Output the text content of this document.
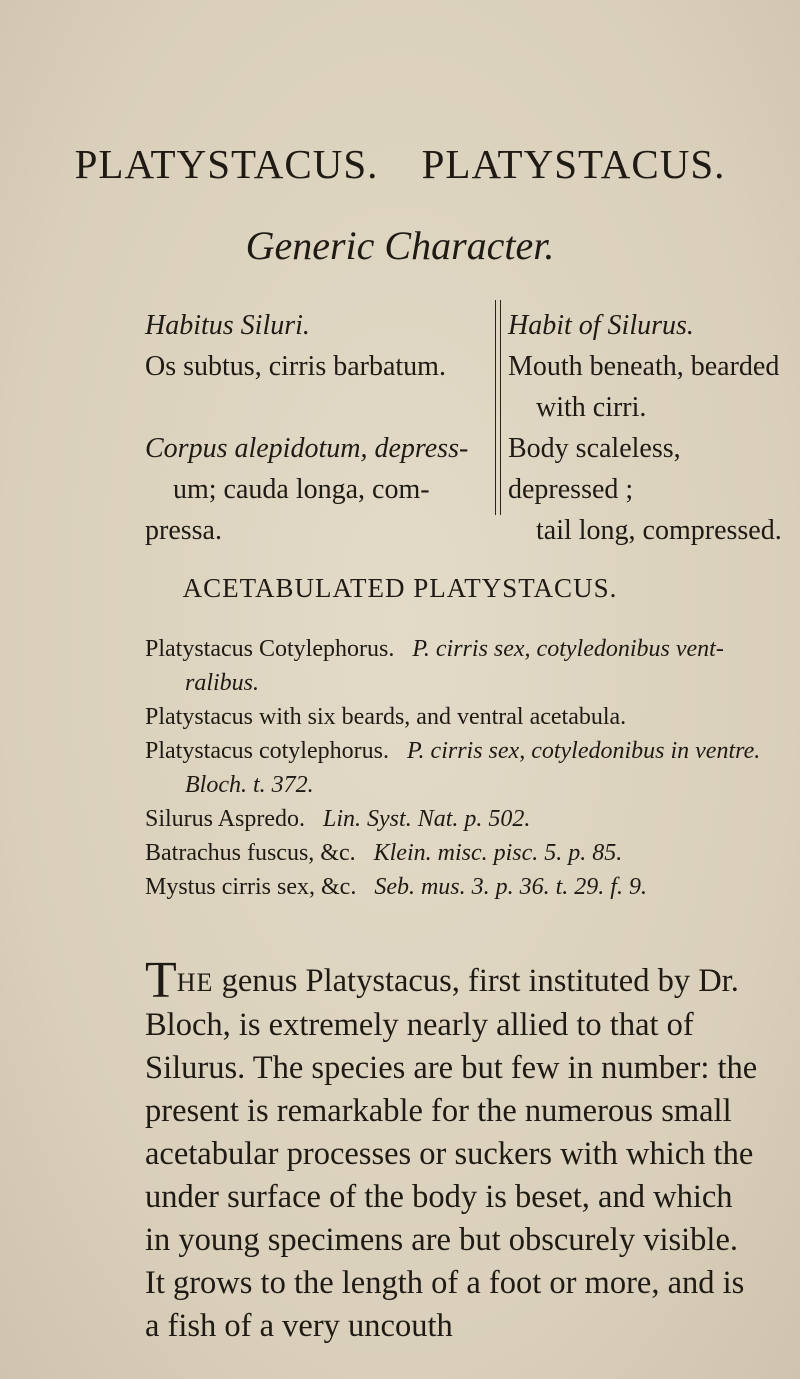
PLATYSTACUS. PLATYSTACUS.
Generic Character.

Habitus Siluri.

Os subtus, cirris barbatum.

Corpus alepidotum, depress-
um; cauda longa, com-
pressa.

Habit of Silurus.

Mouth beneath, bearded
with cirri.

Body scaleless, depressed ;
tail long, compressed.

ACETABULATED PLATYSTACUS.
Platystacus Cotylephorus. P. cirris sex, cotyledonibus vent-
ralibus.
Platystacus with six beards, and ventral acetabula.
Platystacus cotylephorus. P. cirris sex, cotyledonibus in ventre.
Bloch. t. 372.
Silurus Aspredo. Lin. Syst. Nat. p. 502.
Batrachus fuscus, &c. Klein. misc. pisc. 5. p. 85.
Mystus cirris sex, &c. Seb. mus. 3. p. 36. t. 29. f. 9.
THE genus Platystacus, first instituted by Dr. Bloch, is extremely nearly allied to that of Silurus. The species are but few in number: the present is remarkable for the numerous small acetabular processes or suckers with which the under surface of the body is beset, and which in young specimens are but obscurely visible. It grows to the length of a foot or more, and is a fish of a very uncouth
